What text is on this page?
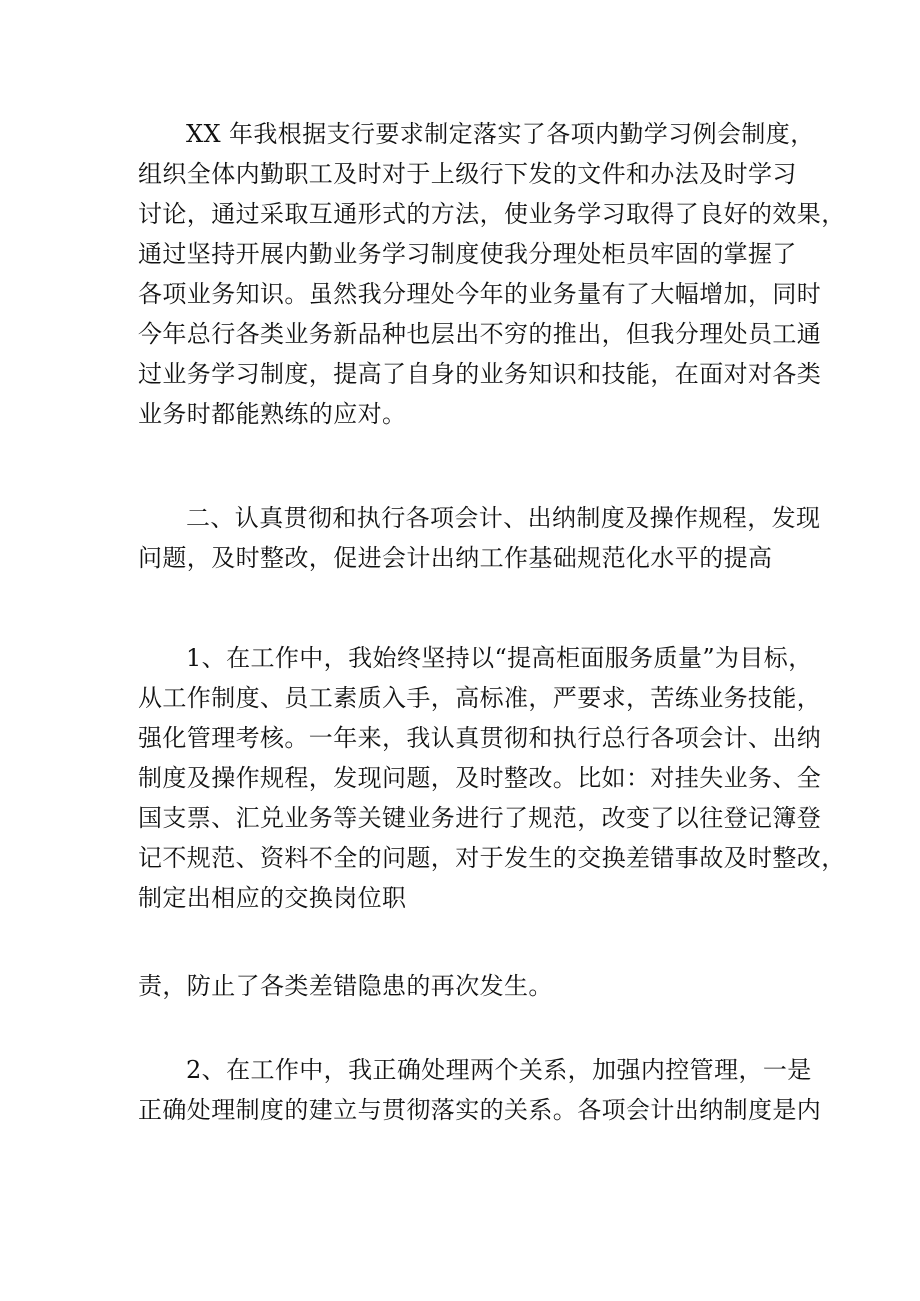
XX 年我根据支行要求制定落实了各项内勤学习例会制度，
组织全体内勤职工及时对于上级行下发的文件和办法及时学习
讨论，通过采取互通形式的方法，使业务学习取得了良好的效果，
通过坚持开展内勤业务学习制度使我分理处柜员牢固的掌握了
各项业务知识。虽然我分理处今年的业务量有了大幅增加，同时
今年总行各类业务新品种也层出不穷的推出，但我分理处员工通
过业务学习制度，提高了自身的业务知识和技能，在面对对各类
业务时都能熟练的应对。
二、认真贯彻和执行各项会计、出纳制度及操作规程，发现
问题，及时整改，促进会计出纳工作基础规范化水平的提高
1、在工作中，我始终坚持以“提高柜面服务质量”为目标，
从工作制度、员工素质入手，高标准，严要求，苦练业务技能，
强化管理考核。一年来，我认真贯彻和执行总行各项会计、出纳
制度及操作规程，发现问题，及时整改。比如：对挂失业务、全
国支票、汇兑业务等关键业务进行了规范，改变了以往登记簿登
记不规范、资料不全的问题，对于发生的交换差错事故及时整改，
制定出相应的交换岗位职
责，防止了各类差错隐患的再次发生。
2、在工作中，我正确处理两个关系，加强内控管理，一是
正确处理制度的建立与贯彻落实的关系。各项会计出纳制度是内
